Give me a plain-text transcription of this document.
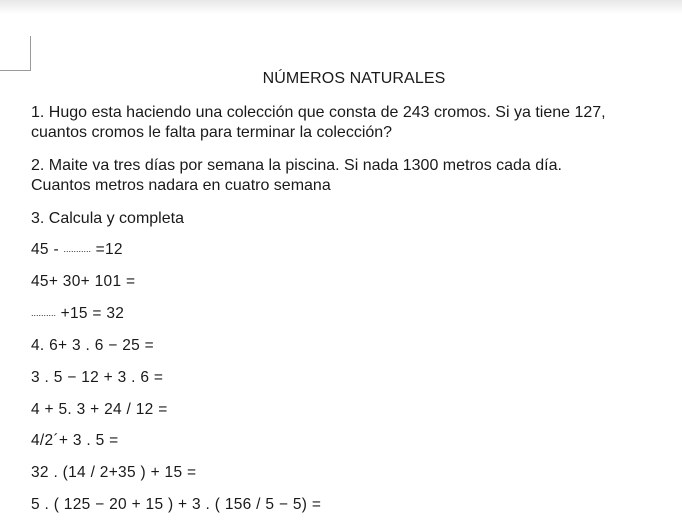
NÚMEROS NATURALES
1. Hugo esta haciendo una colección que consta de 243 cromos. Si ya tiene 127,
cuantos cromos le falta para terminar la colección?
2. Maite va tres días por semana la piscina. Si nada 1300 metros cada día.
Cuantos metros nadara en cuatro semana
3. Calcula y completa
45 - ........... =12
45+ 30+ 101 =
.......... +15 = 32
4. 6+ 3 . 6 − 25 =
3 . 5 − 12 + 3 . 6 =
4 + 5. 3 + 24 / 12 =
4/2´+ 3 . 5 =
32 . (14 / 2+35 ) + 15 =
5 . ( 125 − 20 + 15 ) + 3 . ( 156 / 5 − 5) =
